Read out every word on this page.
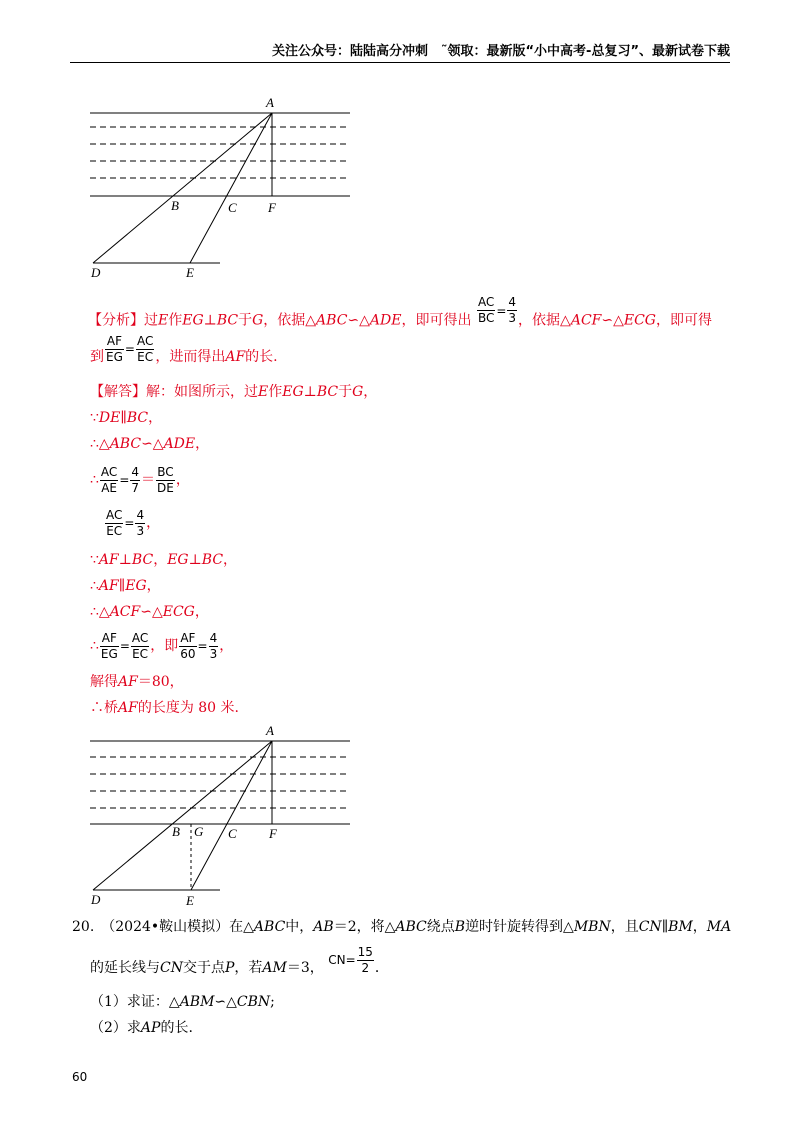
关注公众号：陆陆高分冲刺　˜领取：最新版“小中高考-总复习”、最新试卷下载
A
B	C F
D	E
【分析】过E作EG⊥BC于G，依据△ABC∽△ADE，即可得出 $\frac{AC}{BC} = \frac{4}{3}$ ，依据△ACF∽△ECG，即可得
到 $\frac{AF}{EG} = \frac{AC}{EC}$ ，进而得出AF的长.
【解答】解：如图所示，过E作EG⊥BC于G，
∵DE∥BC，
∴△ABC∽△ADE，
∴ $\frac{AC}{AE} = \frac{4}{7} = \frac{BC}{DE}$ ，
$\frac{AC}{EC} = \frac{4}{3}$ ，
∵AF⊥BC，EG⊥BC，
∴AF∥EG，
∴△ACF∽△ECG，
∴ $\frac{AF}{EG} = \frac{AC}{EC}$ ，即 $\frac{AF}{60} = \frac{4}{3}$ ，
解得AF＝80，
∴桥AF的长度为 80 米.
A
B G C F
D	E
20.　（2024•鞍山模拟）在△ABC中，AB＝2，将△ABC绕点B逆时针旋转得到△MBN，且CN∥BM，MA
的延长线与CN交于点P，若AM＝3， $CN= \frac{15}{2}$ ．
（1）求证：△ABM∽△CBN;
（2）求AP的长.
60
